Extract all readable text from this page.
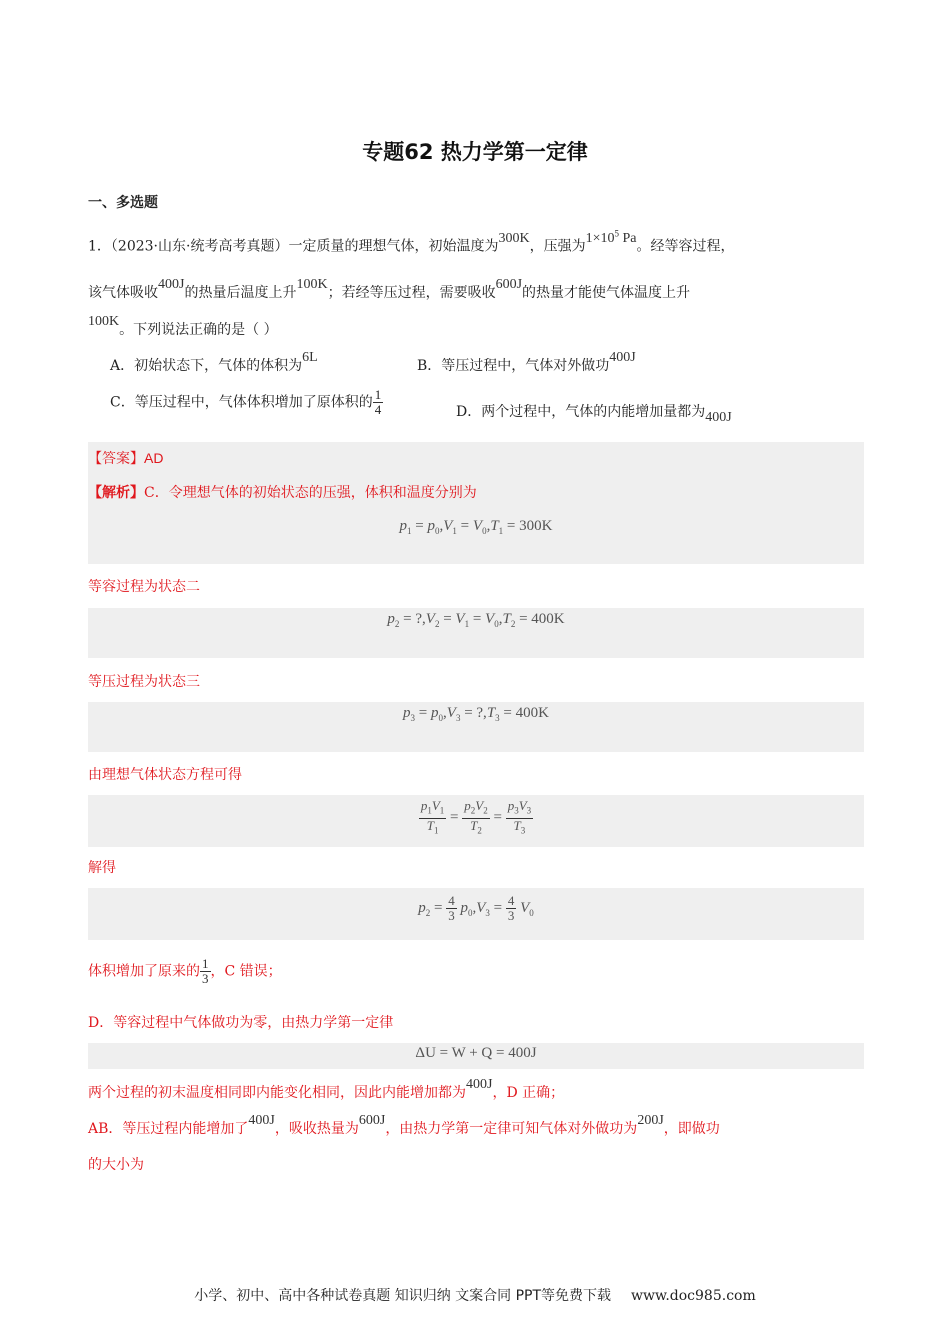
专题62 热力学第一定律
一、多选题
1．（2023·山东·统考高考真题）一定质量的理想气体，初始温度为300K，压强为$1\times 10^5$ Pa。经等容过程，
该气体吸收400J的热量后温度上升100K；若经等压过程，需要吸收600J的热量才能使气体温度上升
100K。下列说法正确的是（ ）
A．初始状态下，气体的体积为6L
B．等压过程中，气体对外做功400J
C．等压过程中，气体体积增加了原体积的 $\frac{1}{4}$	D．两个过程中，气体的内能增加量都为400J
【答案】AD
【解析】C．令理想气体的初始状态的压强，体积和温度分别为
$p_1 = p_0,V_1 = V_0,T_1 = 300K$
等容过程为状态二
$p_2$ = $?,V_2 = V_1 = V_0,T_2 = 400K$
等压过程为状态三
$p_3 = p_0,V_3$ = $?,T_3 = 400K$
由理想气体状态方程可得
$\frac{p_1V_1}{T_1} = \frac{p_2V_2}{T_2} = \frac{p_3V_3}{T_3}$
解得
$p_2 = \frac{4}{3} p_0,V_3 = \frac{4}{3} V_0$
体积增加了原来的 $\frac{1}{3}$ ，C 错误；
D．等容过程中气体做功为零，由热力学第一定律
ΔU = W + Q = 400J
两个过程的初末温度相同即内能变化相同，因此内能增加都为400J，D 正确；
AB．等压过程内能增加了400J，吸收热量为600J，由热力学第一定律可知气体对外做功为200J，即做功
的大小为
小学、初中、高中各种试卷真题 知识归纳 文案合同 PPT等免费下载 www.doc985.com
